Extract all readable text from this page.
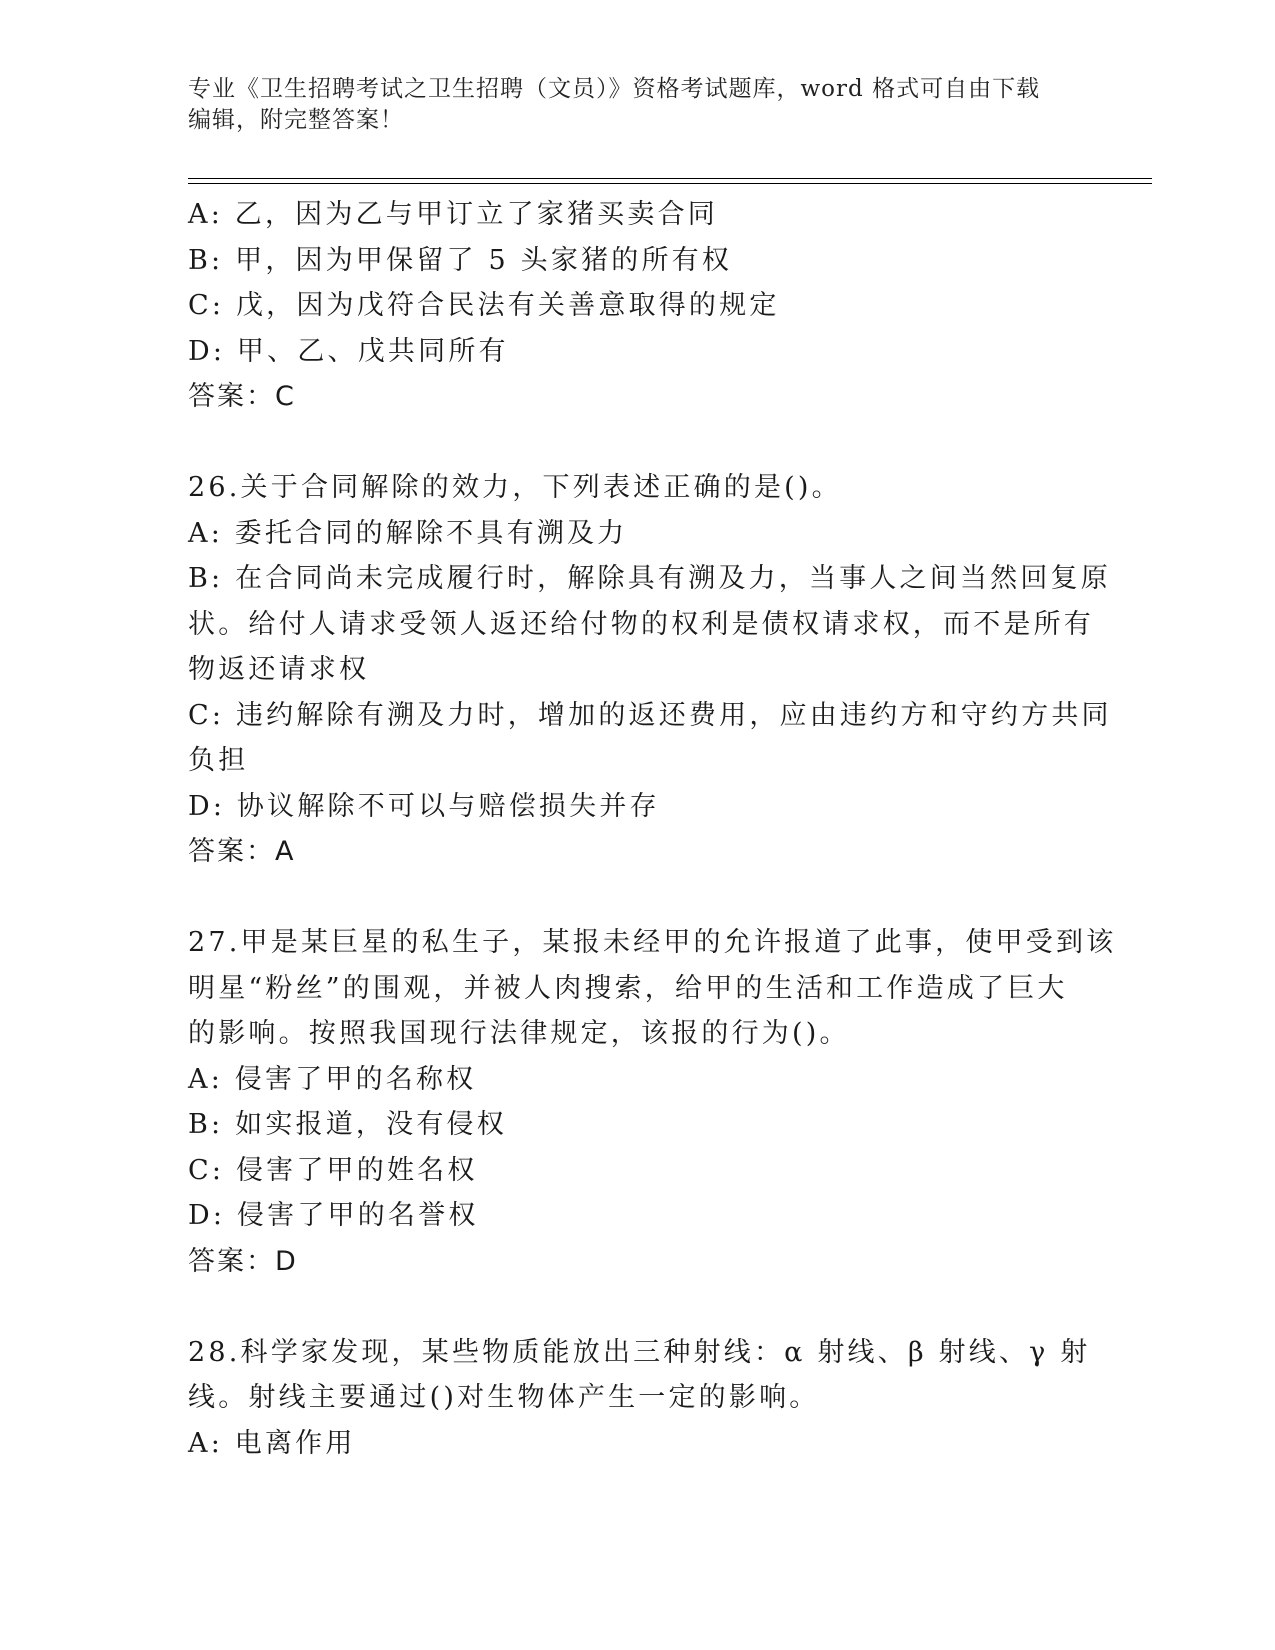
专业《卫生招聘考试之卫生招聘（文员）》资格考试题库，word 格式可自由下载
编辑，附完整答案！
A: 乙，因为乙与甲订立了家猪买卖合同
B: 甲，因为甲保留了 5 头家猪的所有权
C: 戊，因为戊符合民法有关善意取得的规定
D: 甲、乙、戊共同所有
答案：C
26.关于合同解除的效力，下列表述正确的是()。
A: 委托合同的解除不具有溯及力
B: 在合同尚未完成履行时，解除具有溯及力，当事人之间当然回复原
状。给付人请求受领人返还给付物的权利是债权请求权，而不是所有
物返还请求权
C: 违约解除有溯及力时，增加的返还费用，应由违约方和守约方共同
负担
D: 协议解除不可以与赔偿损失并存
答案：A
27.甲是某巨星的私生子，某报未经甲的允许报道了此事，使甲受到该
明星“粉丝”的围观，并被人肉搜索，给甲的生活和工作造成了巨大
的影响。按照我国现行法律规定，该报的行为()。
A: 侵害了甲的名称权
B: 如实报道，没有侵权
C: 侵害了甲的姓名权
D: 侵害了甲的名誉权
答案：D
28.科学家发现，某些物质能放出三种射线：α 射线、β 射线、γ 射
线。射线主要通过()对生物体产生一定的影响。
A: 电离作用
